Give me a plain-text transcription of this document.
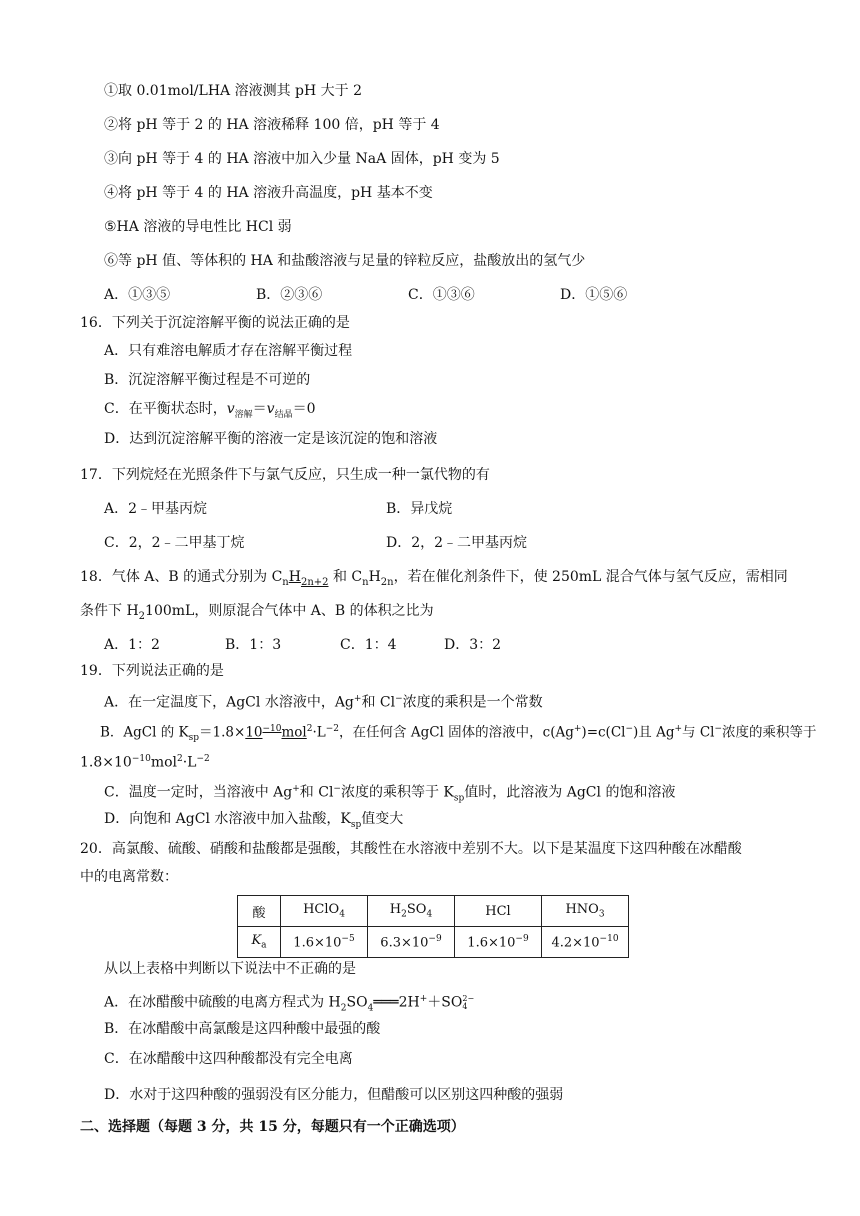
①取 0.01mol/LHA 溶液测其 pH 大于 2
②将 pH 等于 2 的 HA 溶液稀释 100 倍，pH 等于 4
③向 pH 等于 4 的 HA 溶液中加入少量 NaA 固体，pH 变为 5
④将 pH 等于 4 的 HA 溶液升高温度，pH 基本不变
⑤HA 溶液的导电性比 HCl 弱
⑥等 pH 值、等体积的 HA 和盐酸溶液与足量的锌粒反应，盐酸放出的氢气少
A．①③⑤	B．②③⑥	C．①③⑥	D．①⑤⑥
16．下列关于沉淀溶解平衡的说法正确的是
A．只有难溶电解质才存在溶解平衡过程
B．沉淀溶解平衡过程是不可逆的
C．在平衡状态时，$v_{溶解}=v_{结晶}=0$
D．达到沉淀溶解平衡的溶液一定是该沉淀的饱和溶液
17．下列烷烃在光照条件下与氯气反应，只生成一种一氯代物的有
A．2﹣甲基丙烷	B．异戊烷
C．2，2﹣二甲基丁烷	D．2，2﹣二甲基丙烷
18．气体 A、B 的通式分别为 $C_nH_{2n+2}$ 和 $C_nH_{2n}$，若在催化剂条件下，使 250mL 混合气体与氢气反应，需相同
条件下 $H_2100mL$，则原混合气体中 A、B 的体积之比为
A．1：2	B．1：3	C．1：4	D．3：2
19．下列说法正确的是
A．在一定温度下，AgCl 水溶液中，Ag+和 Cl−浓度的乘积是一个常数
B．AgCl 的 $K_{sp}=1.8\times 10^{-10}mol^2\cdot L^{-2}$，在任何含 AgCl 固体的溶液中，c(Ag+)=c(Cl−)且 Ag+与 Cl−浓度的乘积等于
$1.8\times 10^{-10}mol^2\cdot L^{-2}$
C．温度一定时，当溶液中 Ag+和 Cl−浓度的乘积等于 $K_{sp}$值时，此溶液为 AgCl 的饱和溶液
D．向饱和 AgCl 水溶液中加入盐酸，$K_{sp}$值变大
20．高氯酸、硫酸、硝酸和盐酸都是强酸，其酸性在水溶液中差别不大。以下是某温度下这四种酸在冰醋酸
中的电离常数：
酸	HClO$_4$	$H_2SO_4$	HCl	$HNO_3$
$K_a$	$1.6\times 10^{-5}$	$6.3\times 10^{-9}$	$1.6\times 10^{-9}$	$4.2\times 10^{-10}$
从以上表格中判断以下说法中不正确的是
A．在冰醋酸中硫酸的电离方程式为 $H_2SO_4═══2H^++SO$ 2−
4
B．在冰醋酸中高氯酸是这四种酸中最强的酸
C．在冰醋酸中这四种酸都没有完全电离
D．水对于这四种酸的强弱没有区分能力，但醋酸可以区别这四种酸的强弱
二、选择题（每题 3 分，共 15 分，每题只有一个正确选项）
